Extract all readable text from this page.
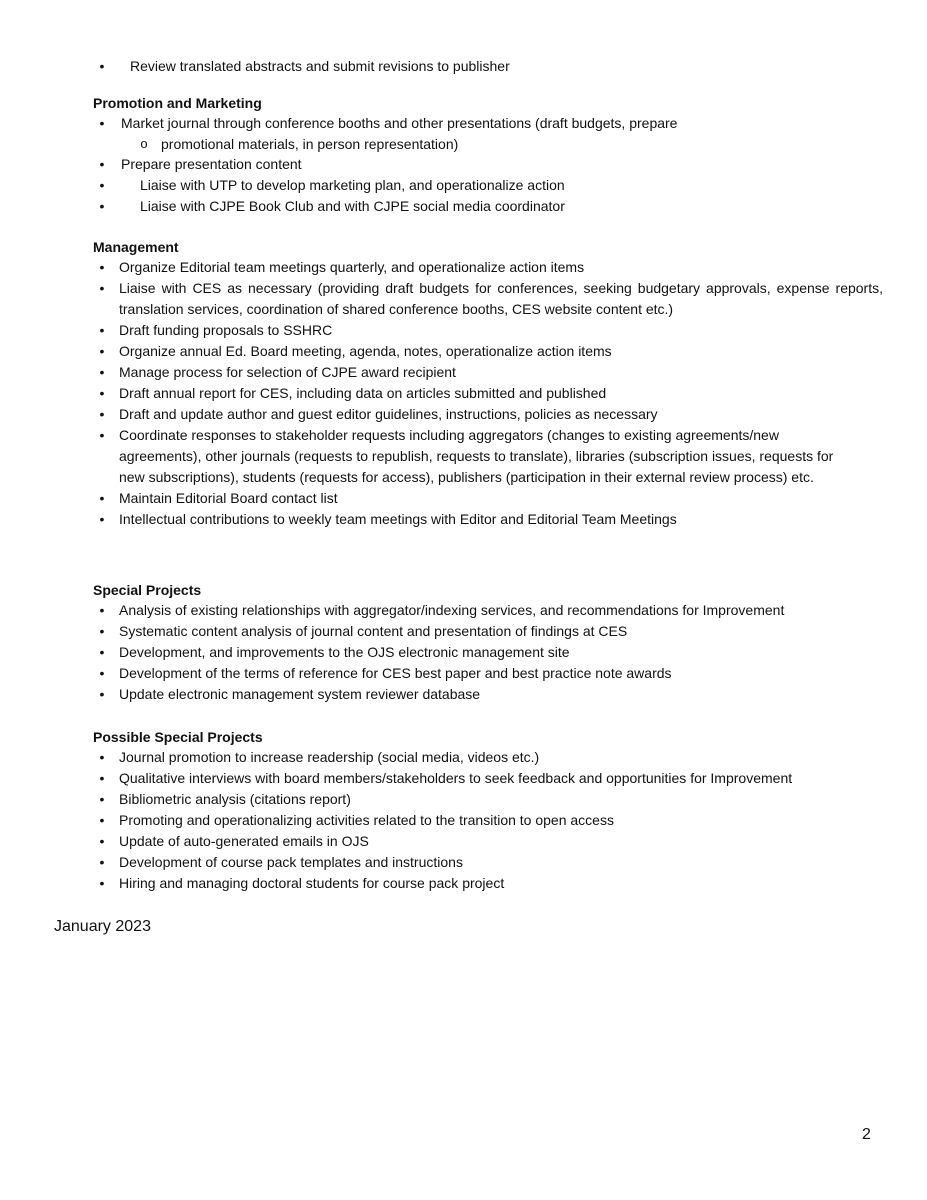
•	Review translated abstracts and submit revisions to publisher

Promotion and Marketing

•	Market journal through conference booths and other presentations (draft budgets, prepare
o promotional materials, in person representation)
•	Prepare presentation content
•	Liaise with UTP to develop marketing plan, and operationalize action
•	Liaise with CJPE Book Club and with CJPE social media coordinator

Management

•	Organize Editorial team meetings quarterly, and operationalize action items
•	Liaise with CES as necessary (providing draft budgets for conferences, seeking budgetary approvals, expense reports, translation services, coordination of shared conference booths, CES website content etc.)
•	Draft funding proposals to SSHRC
•	Organize annual Ed. Board meeting, agenda, notes, operationalize action items
•	Manage process for selection of CJPE award recipient
•	Draft annual report for CES, including data on articles submitted and published
•	Draft and update author and guest editor guidelines, instructions, policies as necessary
•	Coordinate responses to stakeholder requests including aggregators (changes to existing agreements/new agreements), other journals (requests to republish, requests to translate), libraries (subscription issues, requests for new subscriptions), students (requests for access), publishers (participation in their external review process) etc.
•	Maintain Editorial Board contact list
•	Intellectual contributions to weekly team meetings with Editor and Editorial Team Meetings

Special Projects

•	Analysis of existing relationships with aggregator/indexing services, and recommendations for Improvement
•	Systematic content analysis of journal content and presentation of findings at CES
•	Development, and improvements to the OJS electronic management site
•	Development of the terms of reference for CES best paper and best practice note awards
•	Update electronic management system reviewer database

Possible Special Projects

•	Journal promotion to increase readership (social media, videos etc.)
•	Qualitative interviews with board members/stakeholders to seek feedback and opportunities for Improvement
•	Bibliometric analysis (citations report)
•	Promoting and operationalizing activities related to the transition to open access
•	Update of auto-generated emails in OJS
•	Development of course pack templates and instructions
•	Hiring and managing doctoral students for course pack project
January 2023
2
